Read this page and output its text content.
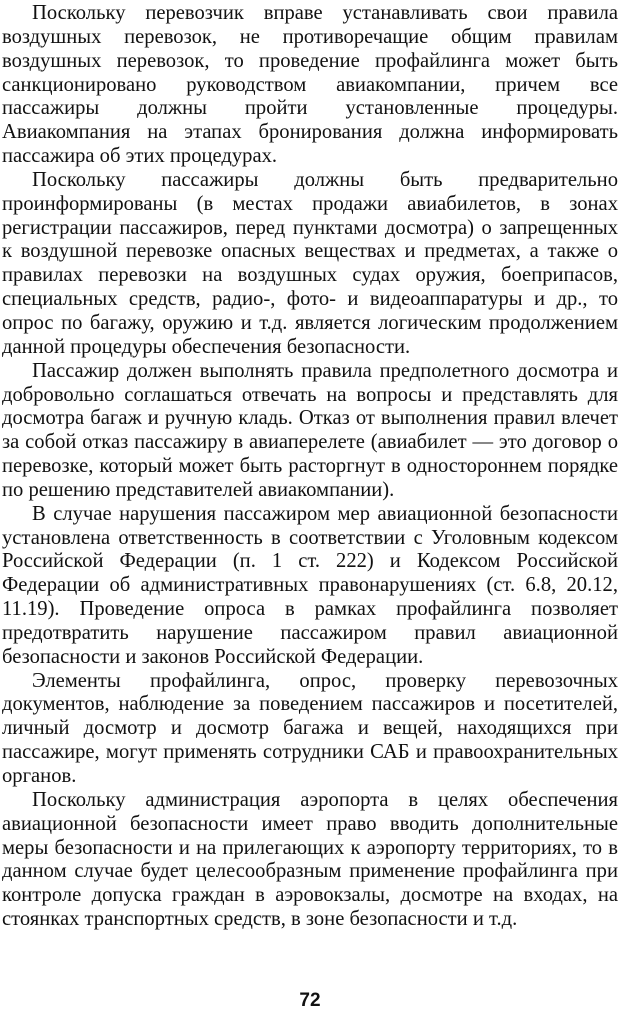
Поскольку перевозчик вправе устанавливать свои правила воздушных перевозок, не противоречащие общим правилам воздушных перевозок, то проведение профайлинга может быть санкционировано руководством авиакомпании, причем все пассажиры должны пройти установленные процедуры. Авиакомпания на этапах бронирования должна информировать пассажира об этих процедурах.

Поскольку пассажиры должны быть предварительно проинформированы (в местах продажи авиабилетов, в зонах регистрации пассажиров, перед пунктами досмотра) о запрещенных к воздушной перевозке опасных веществах и предметах, а также о правилах перевозки на воздушных судах оружия, боеприпасов, специальных средств, радио-, фото- и видеоаппаратуры и др., то опрос по багажу, оружию и т.д. является логическим продолжением данной процедуры обеспечения безопасности.

Пассажир должен выполнять правила предполетного досмотра и добровольно соглашаться отвечать на вопросы и представлять для досмотра багаж и ручную кладь. Отказ от выполнения правил влечет за собой отказ пассажиру в авиаперелете (авиабилет — это договор о перевозке, который может быть расторгнут в одностороннем порядке по решению представителей авиакомпании).

В случае нарушения пассажиром мер авиационной безопасности установлена ответственность в соответствии с Уголовным кодексом Российской Федерации (п. 1 ст. 222) и Кодексом Российской Федерации об административных правонарушениях (ст. 6.8, 20.12, 11.19). Проведение опроса в рамках профайлинга позволяет предотвратить нарушение пассажиром правил авиационной безопасности и законов Российской Федерации.

Элементы профайлинга, опрос, проверку перевозочных документов, наблюдение за поведением пассажиров и посетителей, личный досмотр и досмотр багажа и вещей, находящихся при пассажире, могут применять сотрудники САБ и правоохранительных органов.

Поскольку администрация аэропорта в целях обеспечения авиационной безопасности имеет право вводить дополнительные меры безопасности и на прилегающих к аэропорту территориях, то в данном случае будет целесообразным применение профайлинга при контроле допуска граждан в аэровокзалы, досмотре на входах, на стоянках транспортных средств, в зоне безопасности и т.д.

72
